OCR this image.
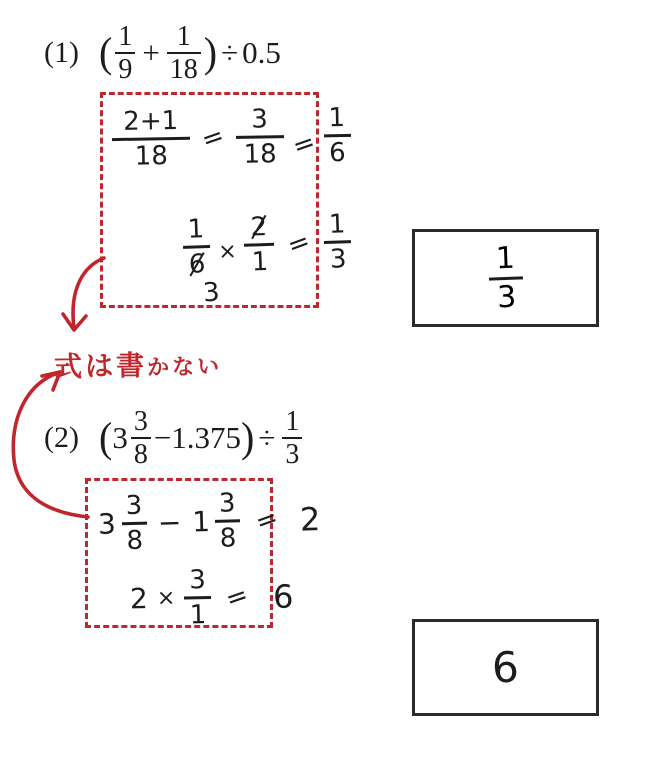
(1) ( 1
9 + 1
18 ) ÷ 0.5
2+1
18
=
3
18 =
1
6
1
6 ×
2
1
=
1
3
3
式は書かない
(2) ( 3 3
8 − 1.375 ) ÷ 1
3
3
3
8
− 1
3
8
= 2
2 ×
3
1
= 6
1
3
6
